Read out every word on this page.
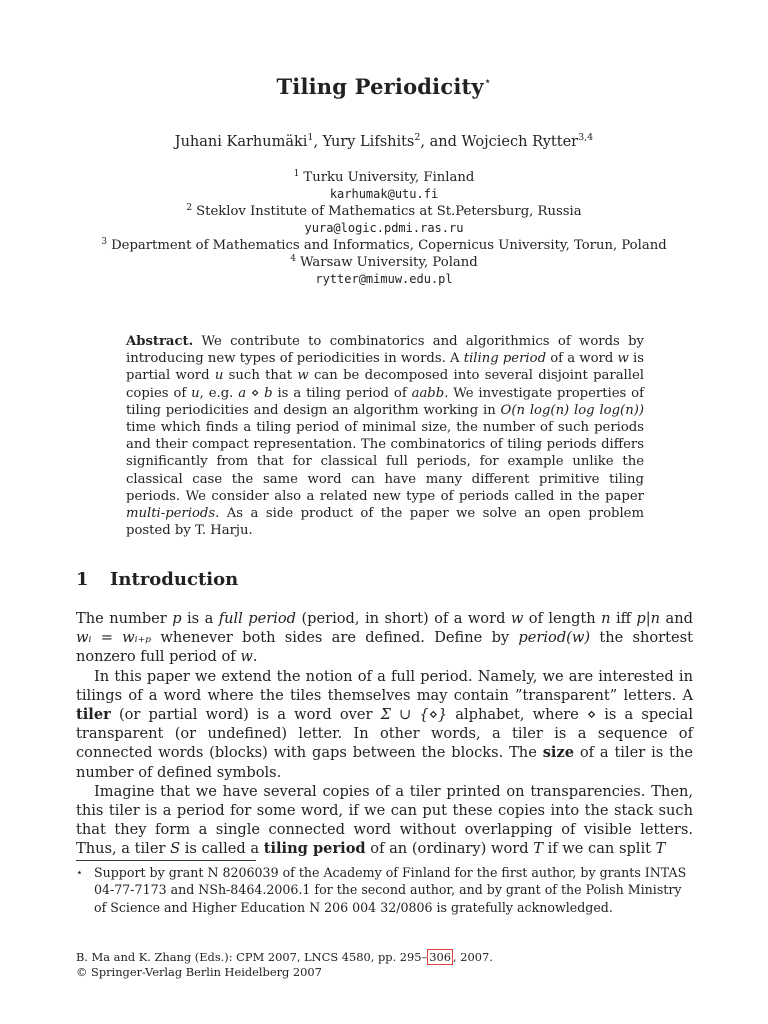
Tiling Periodicity⋆
Juhani Karhumäki$^1$, Yury Lifshits$^2$, and Wojciech Rytter$^{3,4}$
$^1$ Turku University, Finland
karhumak@utu.fi
$^2$ Steklov Institute of Mathematics at St.Petersburg, Russia
yura@logic.pdmi.ras.ru
$^3$ Department of Mathematics and Informatics, Copernicus University, Torun, Poland
$^4$ Warsaw University, Poland
rytter@mimuw.edu.pl
Abstract. We contribute to combinatorics and algorithmics of words by introducing new types of periodicities in words. A tiling period of a word w is partial word u such that w can be decomposed into several disjoint parallel copies of u, e.g. a ⋄ b is a tiling period of aabb. We investigate properties of tiling periodicities and design an algorithm working in O(n log(n) log log(n)) time which finds a tiling period of minimal size, the number of such periods and their compact representation. The combinatorics of tiling periods differs significantly from that for classical full periods, for example unlike the classical case the same word can have many different primitive tiling periods. We consider also a related new type of periods called in the paper multi-periods. As a side product of the paper we solve an open problem posted by T. Harju.
1 Introduction

The number p is a full period (period, in short) of a word w of length n iff p|n and wᵢ = wᵢ₊ₚ whenever both sides are defined. Define by period(w) the shortest nonzero full period of w.

In this paper we extend the notion of a full period. Namely, we are interested in tilings of a word where the tiles themselves may contain ”transparent” letters. A tiler (or partial word) is a word over Σ ∪ {⋄} alphabet, where ⋄ is a special transparent (or undefined) letter. In other words, a tiler is a sequence of connected words (blocks) with gaps between the blocks. The size of a tiler is the number of defined symbols.

Imagine that we have several copies of a tiler printed on transparencies. Then, this tiler is a period for some word, if we can put these copies into the stack such that they form a single connected word without overlapping of visible letters. Thus, a tiler S is called a tiling period of an (ordinary) word T if we can split T

⋆ Support by grant N 8206039 of the Academy of Finland for the first author, by grants INTAS 04-77-7173 and NSh-8464.2006.1 for the second author, and by grant of the Polish Ministry of Science and Higher Education N 206 004 32/0806 is gratefully acknowledged.
B. Ma and K. Zhang (Eds.): CPM 2007, LNCS 4580, pp. 295– 306 , 2007.
© Springer-Verlag Berlin Heidelberg 2007
